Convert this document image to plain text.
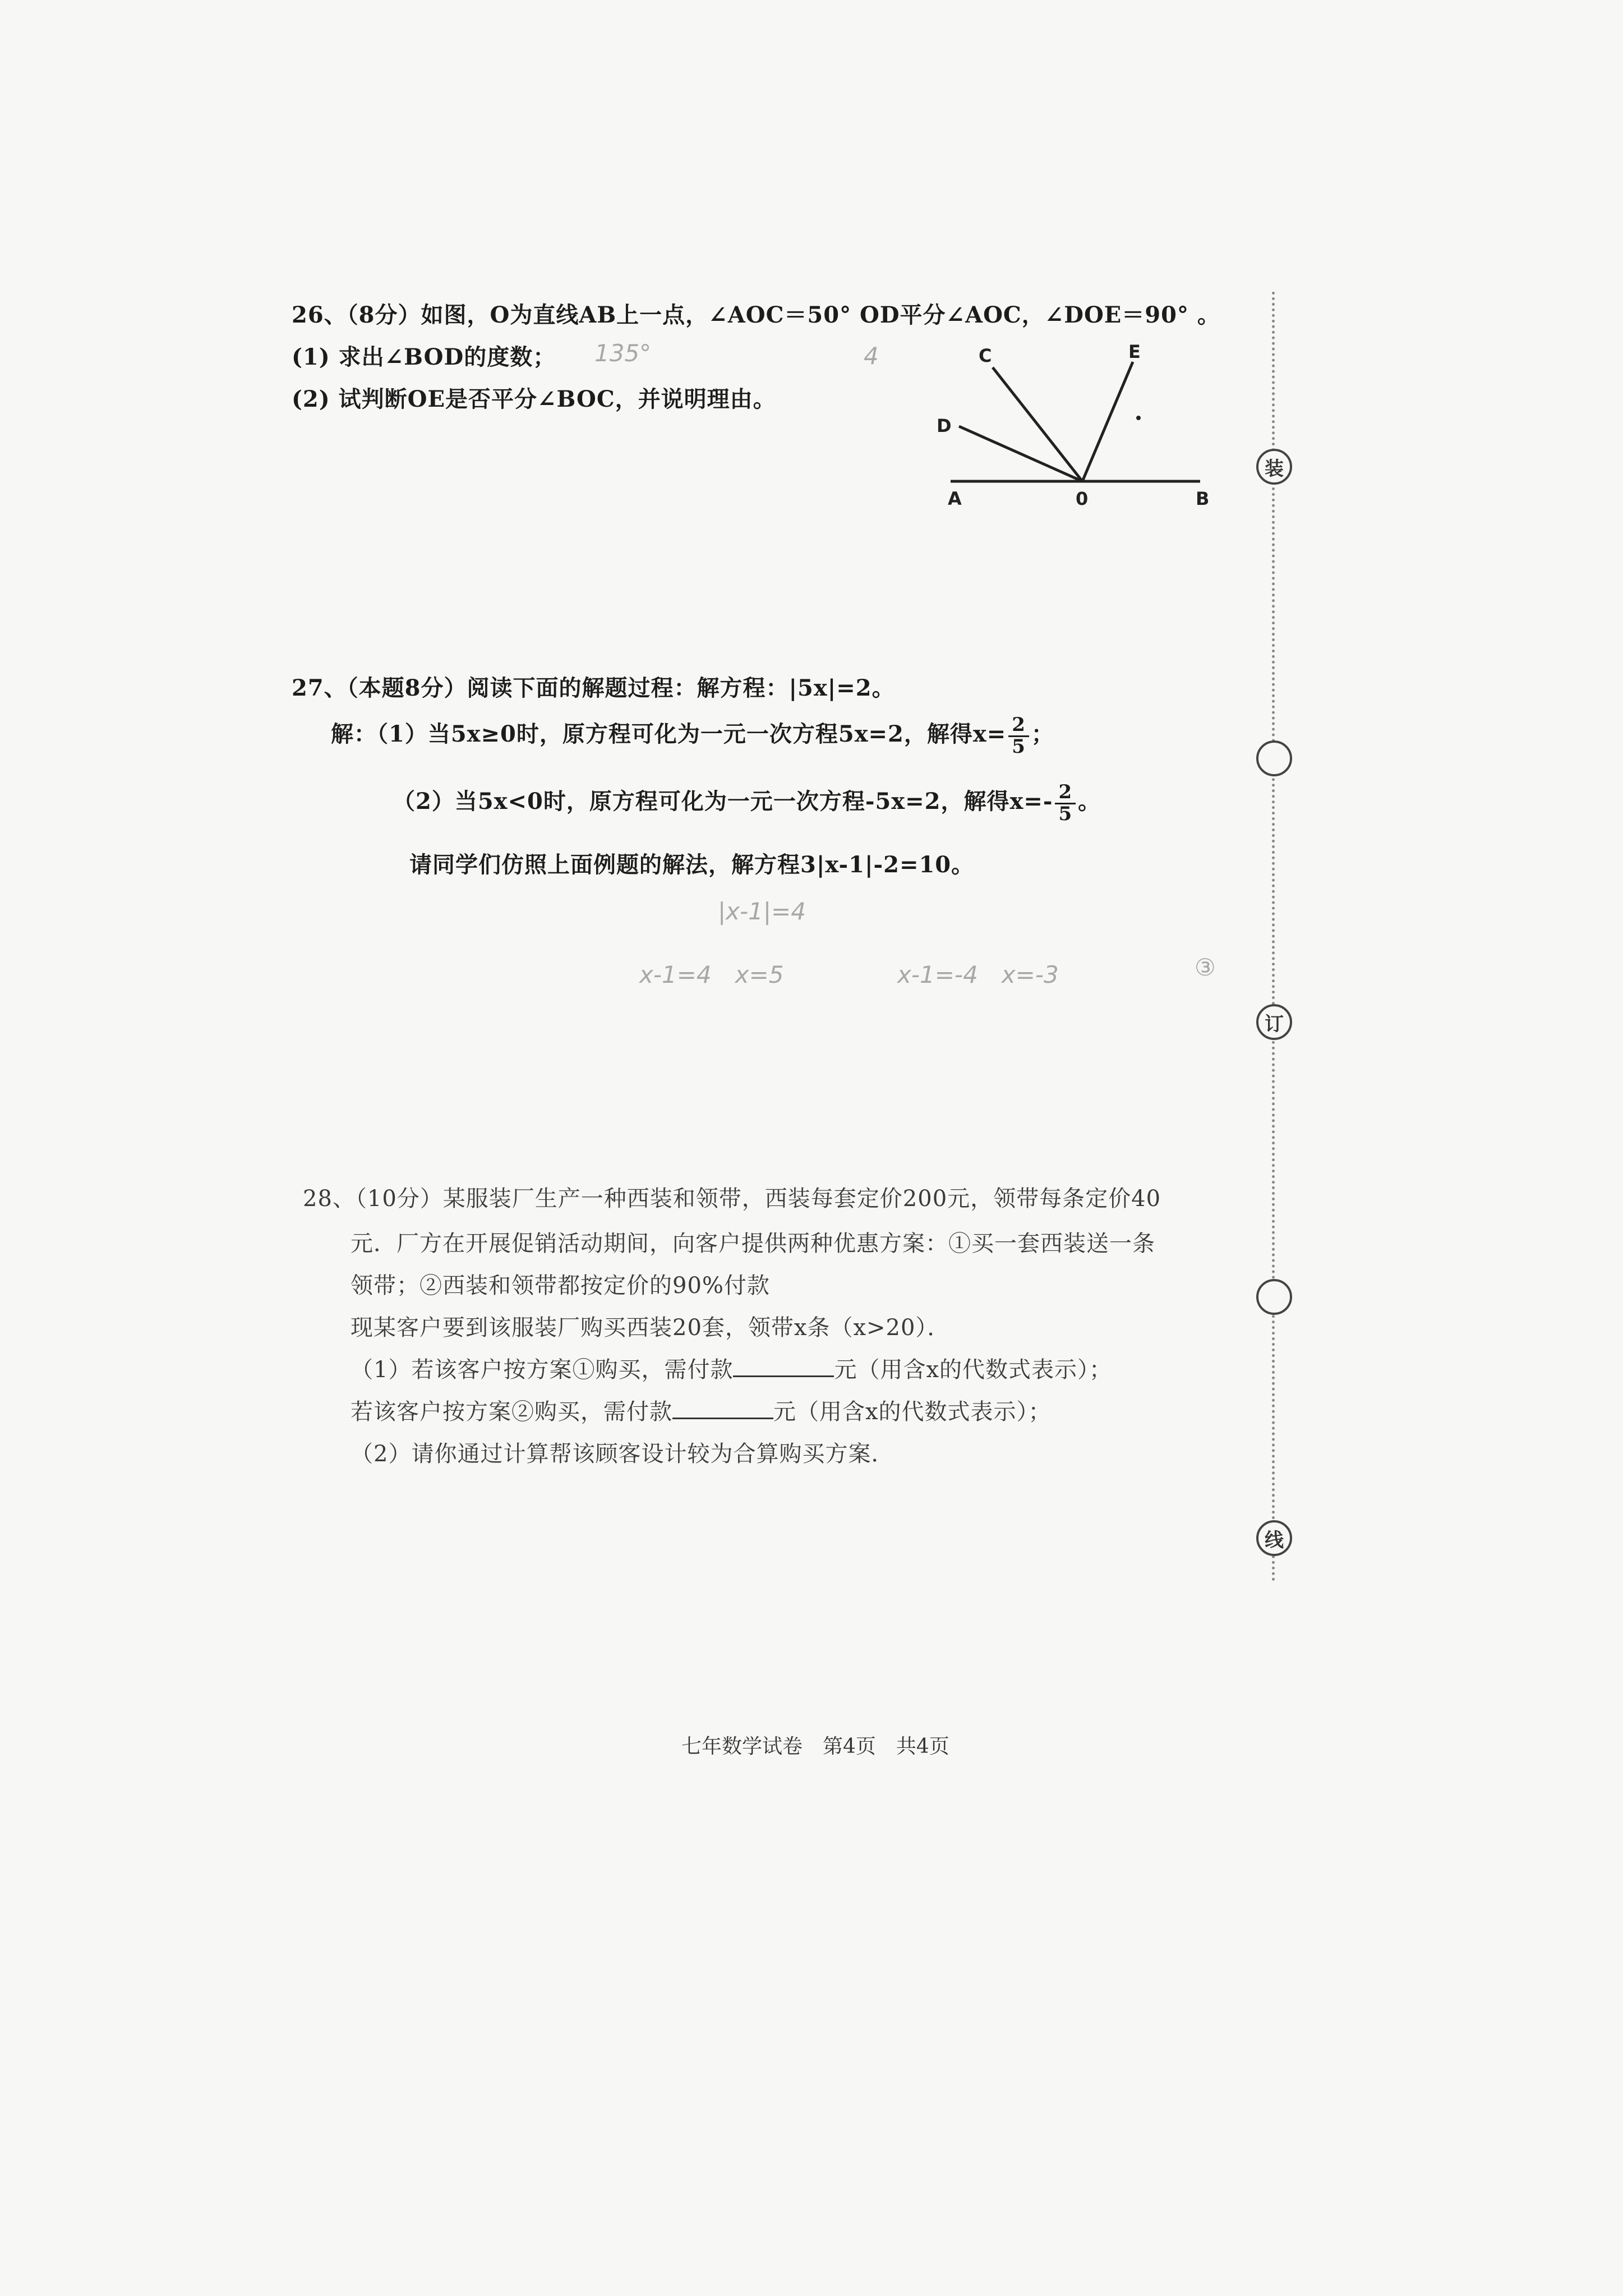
装
订
线
26、（8分）如图，O为直线AB上一点，∠AOC＝50° OD平分∠AOC，∠DOE＝90° 。
(1) 求出∠BOD的度数；
(2) 试判断OE是否平分∠BOC，并说明理由。
135°	4	C
D
E
A	0	B
27、（本题8分）阅读下面的解题过程：解方程：|5x|=2。
解：（1）当5x≥0时，原方程可化为一元一次方程5x=2，解得$x= \frac{2}{5}$ ；
（2）当5x<0时，原方程可化为一元一次方程-5x=2，解得$x=- \frac{2}{5}$ 。
请同学们仿照上面例题的解法，解方程3|x-1|-2=10。
|x-1|=4
x-1=4　x=5	x-1=-4　x=-3	③
28、（10分）某服装厂生产一种西装和领带，西装每套定价200元，领带每条定价40
元．厂方在开展促销活动期间，向客户提供两种优惠方案：①买一套西装送一条
领带；②西装和领带都按定价的90%付款
现某客户要到该服装厂购买西装20套，领带x条（x>20）．
（1）若该客户按方案①购买，需付款	元（用含x的代数式表示）；
若该客户按方案②购买，需付款	元（用含x的代数式表示）；
（2）请你通过计算帮该顾客设计较为合算购买方案．
七年数学试卷　第4页　共4页
